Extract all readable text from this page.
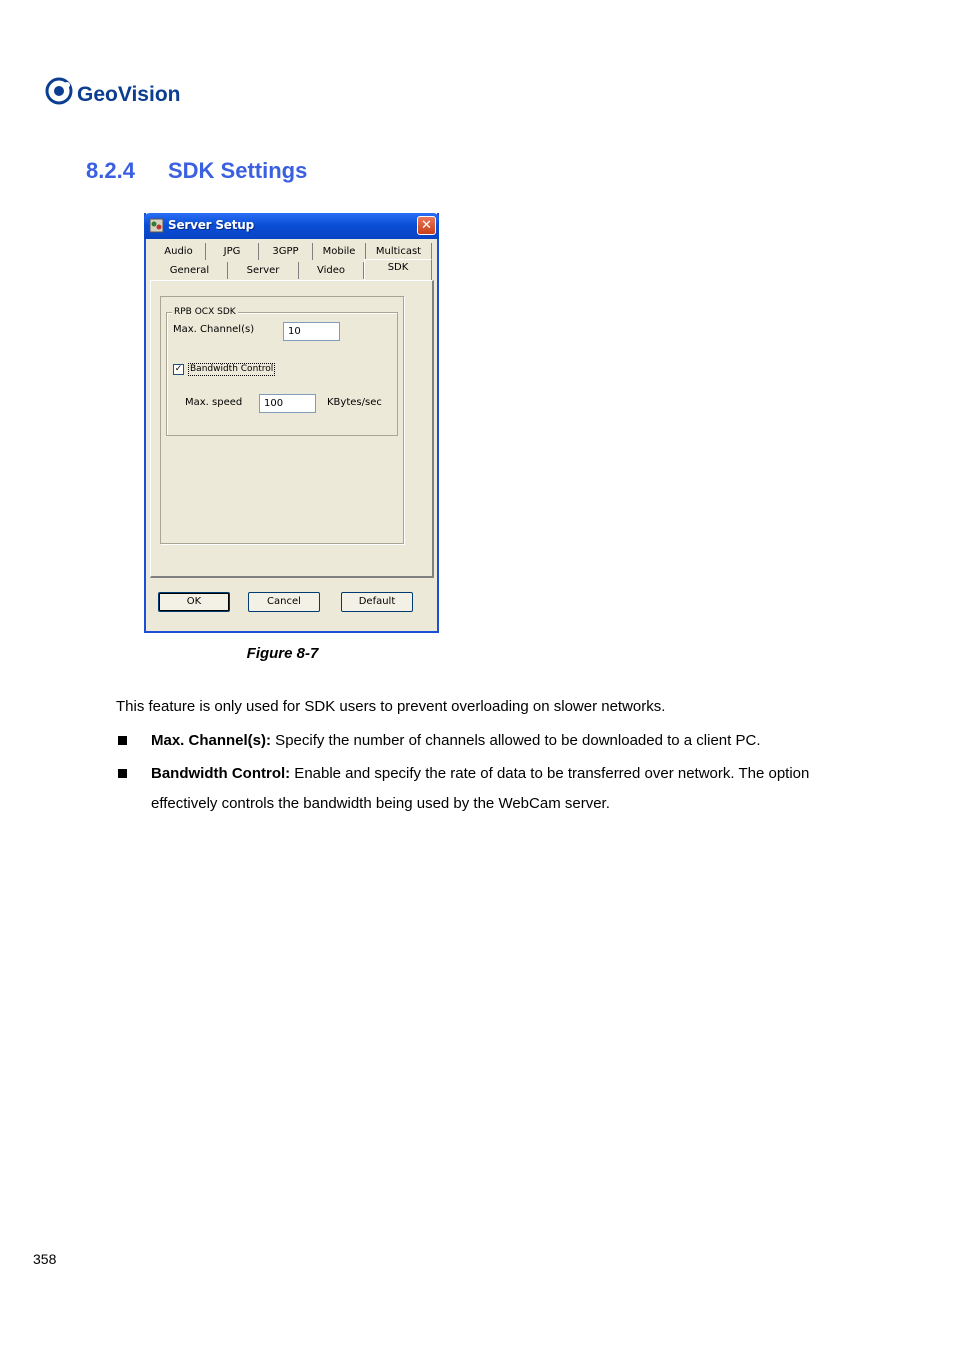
GeoVision
8.2.4 SDK Settings
Server Setup	✕
Audio	JPG	3GPP	Mobile	Multicast
General	Server	Video	SDK
RPB OCX SDK
Max. Channel(s)	10
✓ Bandwidth Control
Max. speed	100	KBytes/sec
OK	Cancel	Default
Figure 8-7
This feature is only used for SDK users to prevent overloading on slower networks.
Max. Channel(s): Specify the number of channels allowed to be downloaded to a client PC.
Bandwidth Control: Enable and specify the rate of data to be transferred over network. The option effectively controls the bandwidth being used by the WebCam server.
358
